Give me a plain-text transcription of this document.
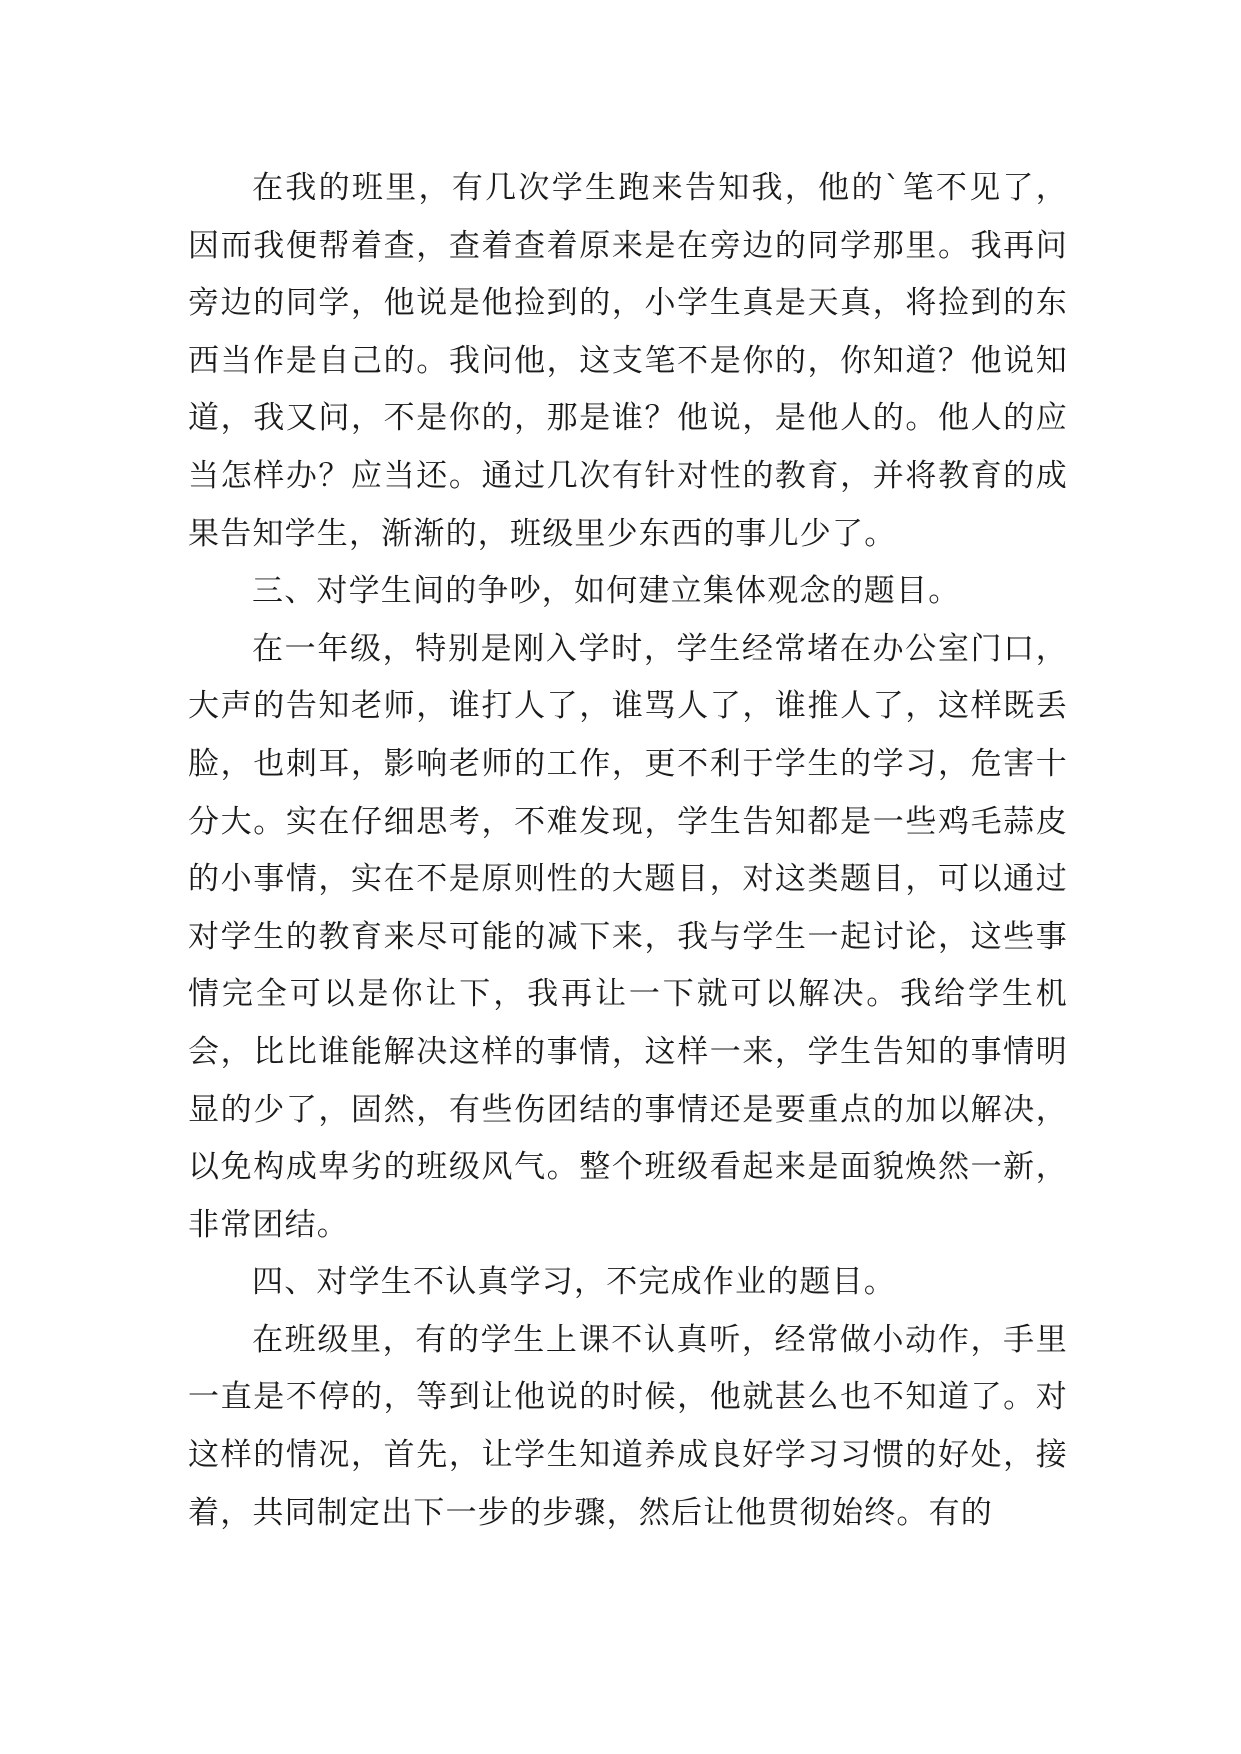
在我的班里，有几次学生跑来告知我，他的`笔不见了，因而我便帮着查，查着查着原来是在旁边的同学那里。我再问旁边的同学，他说是他捡到的，小学生真是天真，将捡到的东西当作是自己的。我问他，这支笔不是你的，你知道？他说知道，我又问，不是你的，那是谁？他说，是他人的。他人的应当怎样办？应当还。通过几次有针对性的教育，并将教育的成果告知学生，渐渐的，班级里少东西的事儿少了。

三、对学生间的争吵，如何建立集体观念的题目。

在一年级，特别是刚入学时，学生经常堵在办公室门口，大声的告知老师，谁打人了，谁骂人了，谁推人了，这样既丢脸，也刺耳，影响老师的工作，更不利于学生的学习，危害十分大。实在仔细思考，不难发现，学生告知都是一些鸡毛蒜皮的小事情，实在不是原则性的大题目，对这类题目，可以通过对学生的教育来尽可能的减下来，我与学生一起讨论，这些事情完全可以是你让下，我再让一下就可以解决。我给学生机会，比比谁能解决这样的事情，这样一来，学生告知的事情明显的少了，固然，有些伤团结的事情还是要重点的加以解决，以免构成卑劣的班级风气。整个班级看起来是面貌焕然一新，非常团结。

四、对学生不认真学习，不完成作业的题目。

在班级里，有的学生上课不认真听，经常做小动作，手里一直是不停的，等到让他说的时候，他就甚么也不知道了。对这样的情况，首先，让学生知道养成良好学习习惯的好处，接着，共同制定出下一步的步骤，然后让他贯彻始终。有的
